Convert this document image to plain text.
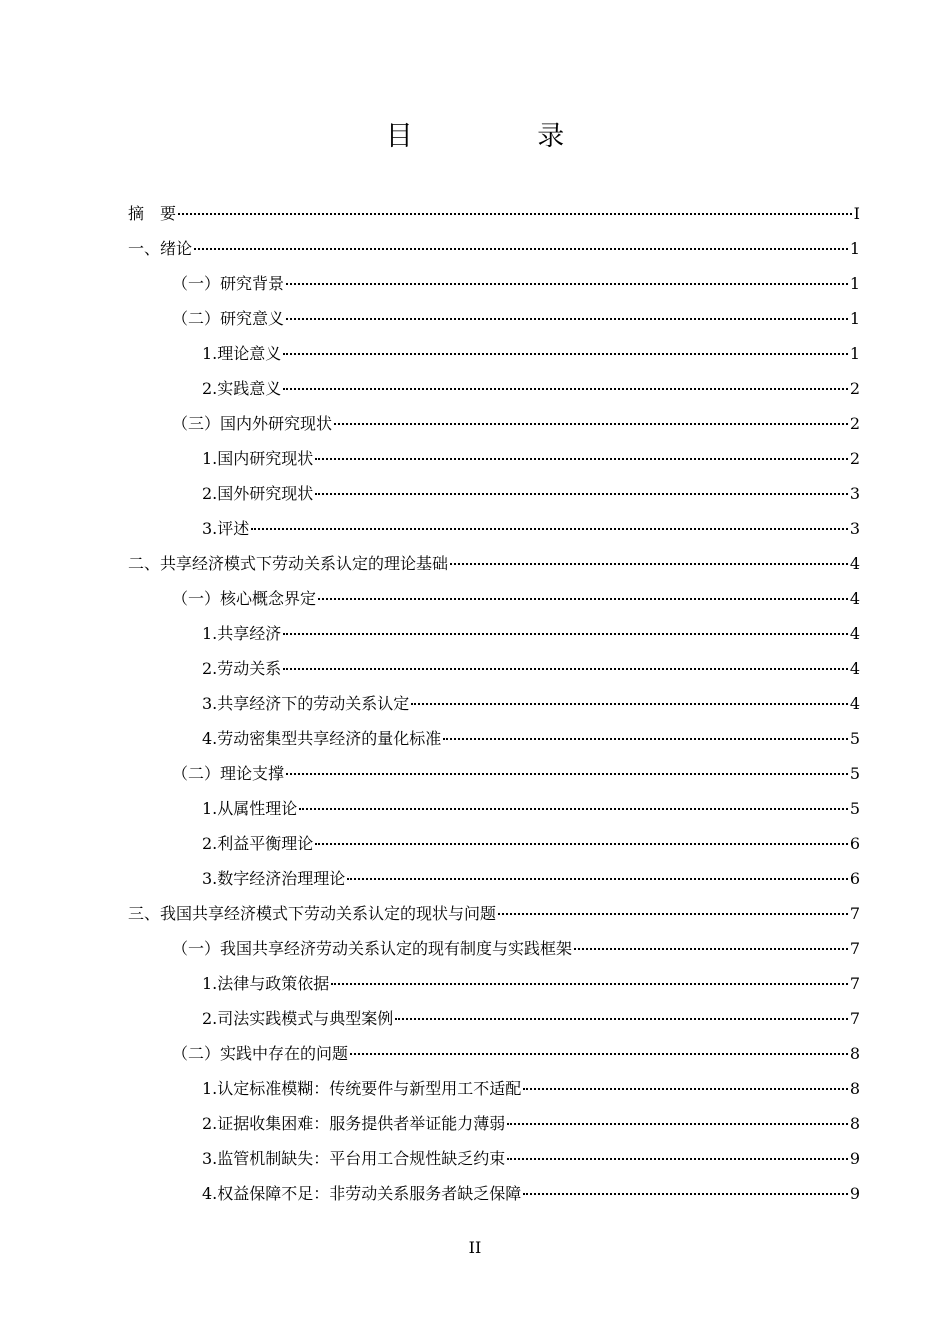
目 录
摘　要	I
一、绪论	1
（一）研究背景	1
（二）研究意义	1
1.理论意义	1
2.实践意义	2
（三）国内外研究现状	2
1.国内研究现状	2
2.国外研究现状	3
3.评述	3
二、共享经济模式下劳动关系认定的理论基础	4
（一）核心概念界定	4
1.共享经济	4
2.劳动关系	4
3.共享经济下的劳动关系认定	4
4.劳动密集型共享经济的量化标准	5
（二）理论支撑	5
1.从属性理论	5
2.利益平衡理论	6
3.数字经济治理理论	6
三、我国共享经济模式下劳动关系认定的现状与问题	7
（一）我国共享经济劳动关系认定的现有制度与实践框架	7
1.法律与政策依据	7
2.司法实践模式与典型案例	7
（二）实践中存在的问题	8
1.认定标准模糊：传统要件与新型用工不适配	8
2.证据收集困难：服务提供者举证能力薄弱	8
3.监管机制缺失：平台用工合规性缺乏约束	9
4.权益保障不足：非劳动关系服务者缺乏保障	9
II
